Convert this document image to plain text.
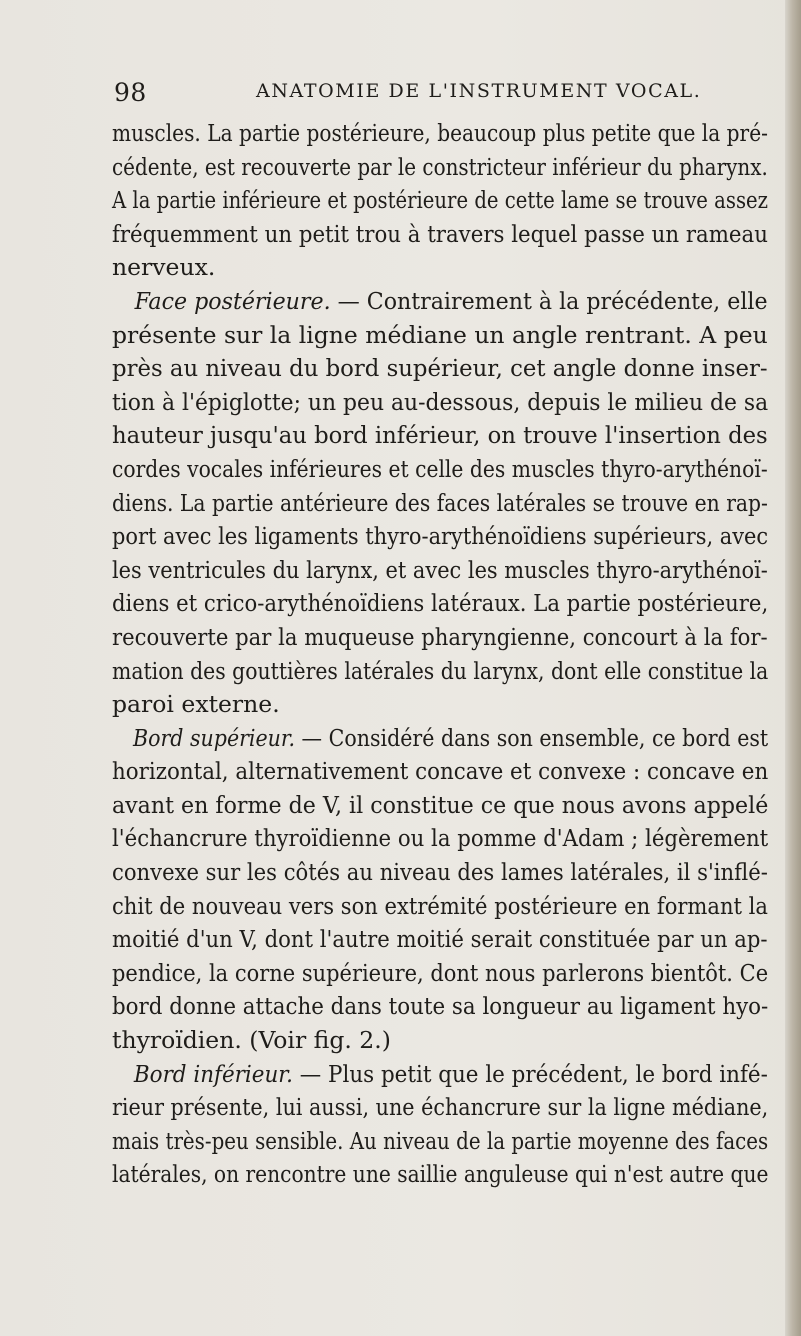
98	ANATOMIE DE L'INSTRUMENT VOCAL.
muscles. La partie postérieure, beaucoup plus petite que la pré-
cédente, est recouverte par le constricteur inférieur du pharynx.
A la partie inférieure et postérieure de cette lame se trouve assez
fréquemment un petit trou à travers lequel passe un rameau
nerveux.
Face postérieure. — Contrairement à la précédente, elle
présente sur la ligne médiane un angle rentrant. A peu
près au niveau du bord supérieur, cet angle donne inser-
tion à l'épiglotte; un peu au-dessous, depuis le milieu de sa
hauteur jusqu'au bord inférieur, on trouve l'insertion des
cordes vocales inférieures et celle des muscles thyro-arythénoï-
diens. La partie antérieure des faces latérales se trouve en rap-
port avec les ligaments thyro-arythénoïdiens supérieurs, avec
les ventricules du larynx, et avec les muscles thyro-arythénoï-
diens et crico-arythénoïdiens latéraux. La partie postérieure,
recouverte par la muqueuse pharyngienne, concourt à la for-
mation des gouttières latérales du larynx, dont elle constitue la
paroi externe.
Bord supérieur. — Considéré dans son ensemble, ce bord est
horizontal, alternativement concave et convexe : concave en
avant en forme de V, il constitue ce que nous avons appelé
l'échancrure thyroïdienne ou la pomme d'Adam ; légèrement
convexe sur les côtés au niveau des lames latérales, il s'inflé-
chit de nouveau vers son extrémité postérieure en formant la
moitié d'un V, dont l'autre moitié serait constituée par un ap-
pendice, la corne supérieure, dont nous parlerons bientôt. Ce
bord donne attache dans toute sa longueur au ligament hyo-
thyroïdien. (Voir fig. 2.)
Bord inférieur. — Plus petit que le précédent, le bord infé-
rieur présente, lui aussi, une échancrure sur la ligne médiane,
mais très-peu sensible. Au niveau de la partie moyenne des faces
latérales, on rencontre une saillie anguleuse qui n'est autre que
